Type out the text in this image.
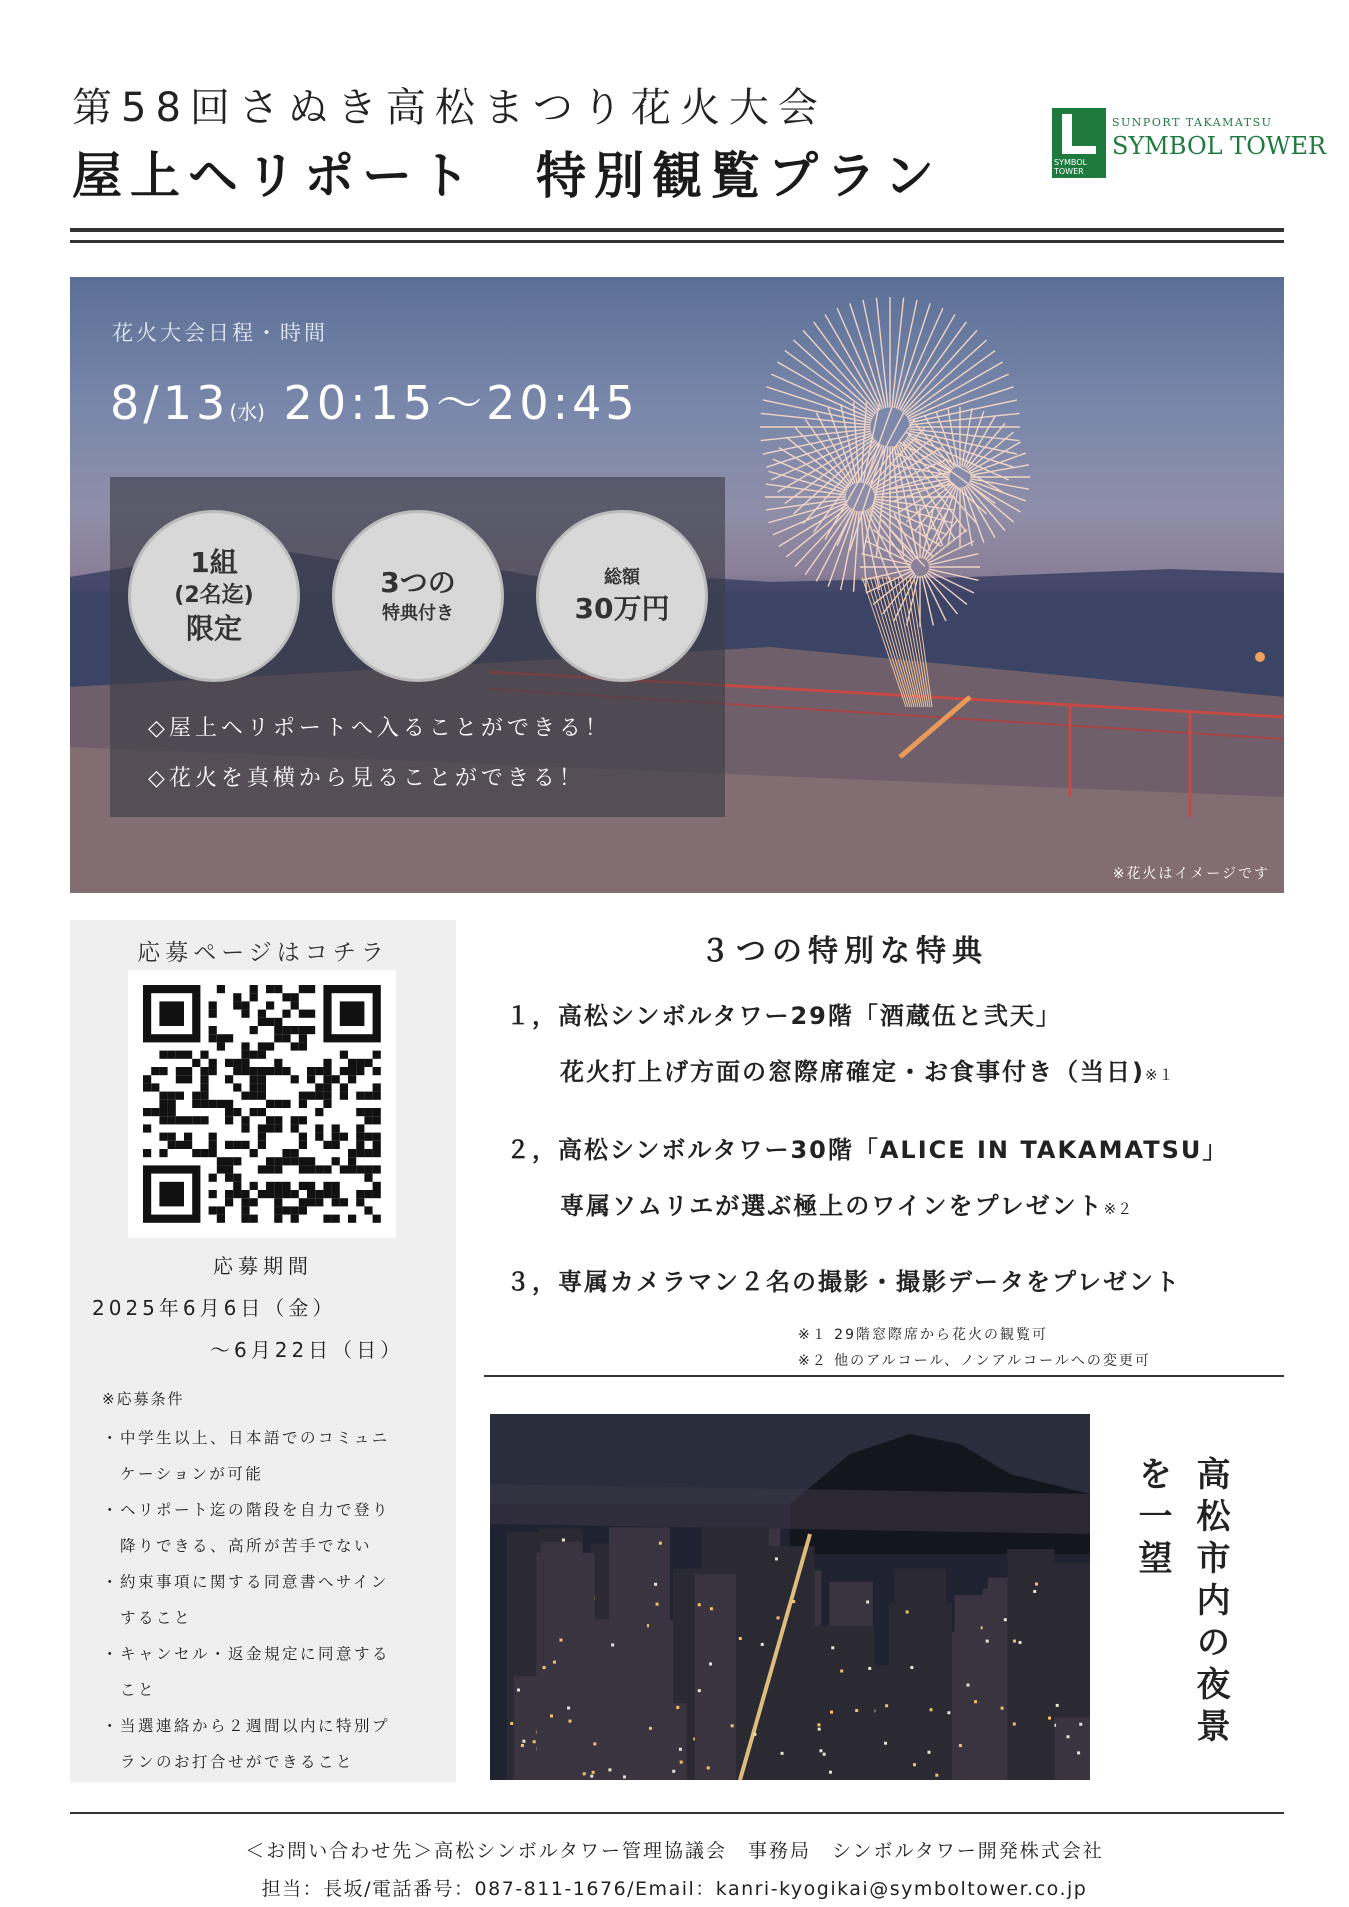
第58回さぬき高松まつり花火大会
屋上ヘリポート　特別観覧プラン	SYMBOL TOWER
SUNPORT TAKAMATSU
SYMBOL TOWER
花火大会日程・時間
8/13(水) 20:15～20:45
1組
(2名迄)
限定
3つの
特典付き
総額
30万円
◇屋上ヘリポートへ入ることができる！
◇花火を真横から見ることができる！
※花火はイメージです
応募ページはコチラ
応募期間
2025年6月6日（金）
～6月22日（日）
※応募条件
・中学生以上、日本語でのコミュニ
ケーションが可能
・ヘリポート迄の階段を自力で登り
降りできる、高所が苦手でない
・約束事項に関する同意書へサイン
すること
・キャンセル・返金規定に同意する
こと
・当選連絡から２週間以内に特別プ
ランのお打合せができること
３つの特別な特典
１，高松シンボルタワー29階「酒蔵伍と弐天」
花火打上げ方面の窓際席確定・お食事付き（当日)※１
２，高松シンボルタワー30階「ALICE IN TAKAMATSU」
専属ソムリエが選ぶ極上のワインをプレゼント※２
３，専属カメラマン２名の撮影・撮影データをプレゼント
※１ 29階窓際席から花火の観覧可
※２ 他のアルコール、ノンアルコールへの変更可
高松市内の夜景
を一望
＜お問い合わせ先＞高松シンボルタワー管理協議会　事務局　シンボルタワー開発株式会社
担当：長坂/電話番号：087-811-1676/Email：kanri-kyogikai@symboltower.co.jp
